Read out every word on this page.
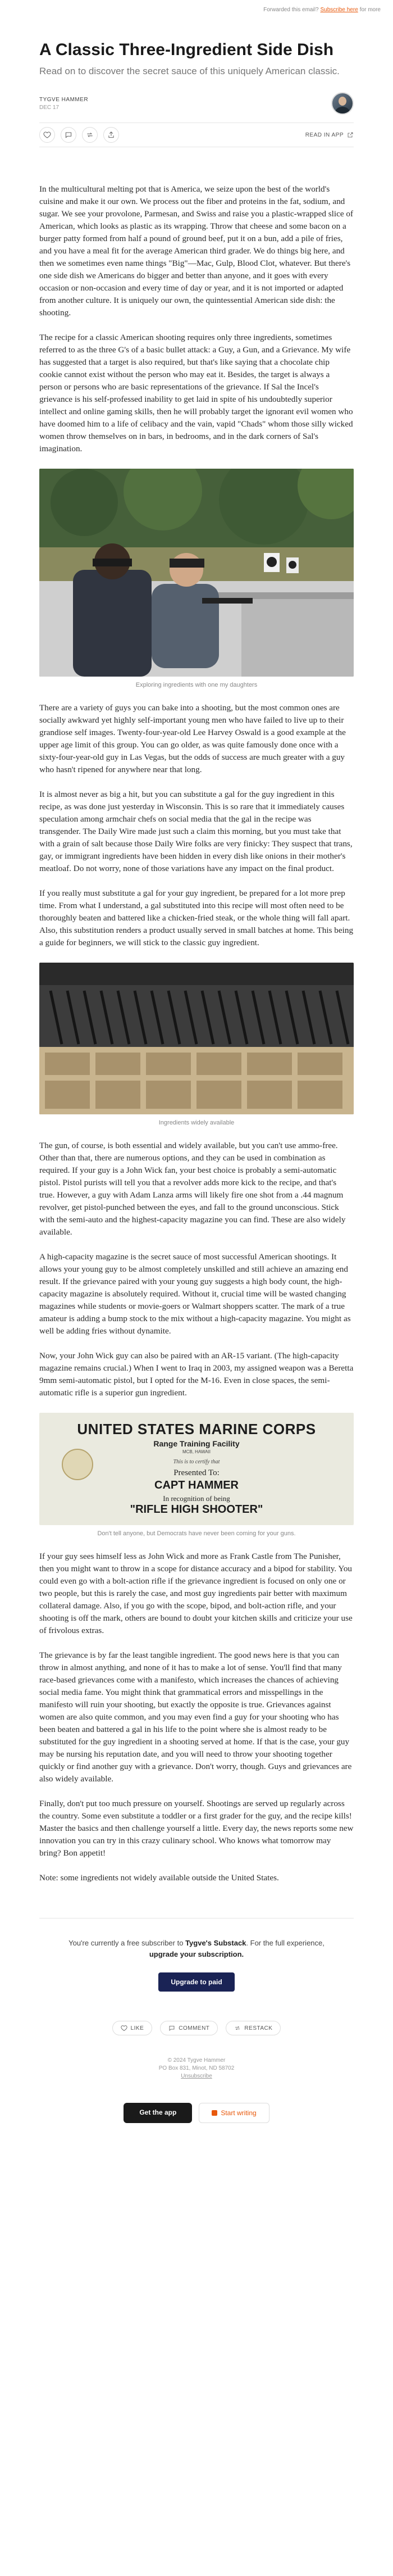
Forwarded this email? Subscribe here for more
A Classic Three-Ingredient Side Dish
Read on to discover the secret sauce of this uniquely American classic.
TYGVE HAMMER
DEC 17
READ IN APP

In the multicultural melting pot that is America, we seize upon the best of the world's cuisine and make it our own. We process out the fiber and proteins in the fat, sodium, and sugar. We see your provolone, Parmesan, and Swiss and raise you a plastic-wrapped slice of American, which looks as plastic as its wrapping. Throw that cheese and some bacon on a burger patty formed from half a pound of ground beef, put it on a bun, add a pile of fries, and you have a meal fit for the average American third grader. We do things big here, and then we sometimes even name things "Big"—Mac, Gulp, Blood Clot, whatever. But there's one side dish we Americans do bigger and better than anyone, and it goes with every occasion or non-occasion and every time of day or year, and it is not imported or adapted from another culture. It is uniquely our own, the quintessential American side dish: the shooting.

The recipe for a classic American shooting requires only three ingredients, sometimes referred to as the three G's of a basic bullet attack: a Guy, a Gun, and a Grievance. My wife has suggested that a target is also required, but that's like saying that a chocolate chip cookie cannot exist without the person who may eat it. Besides, the target is always a person or persons who are basic representations of the grievance. If Sal the Incel's grievance is his self-professed inability to get laid in spite of his undoubtedly superior intellect and online gaming skills, then he will probably target the ignorant evil women who have doomed him to a life of celibacy and the vain, vapid "Chads" whom those silly wicked women throw themselves on in bars, in bedrooms, and in the dark corners of Sal's imagination.

Exploring ingredients with one my daughters

There are a variety of guys you can bake into a shooting, but the most common ones are socially awkward yet highly self-important young men who have failed to live up to their grandiose self images. Twenty-four-year-old Lee Harvey Oswald is a good example at the upper age limit of this group. You can go older, as was quite famously done once with a sixty-four-year-old guy in Las Vegas, but the odds of success are much greater with a guy who hasn't ripened for anywhere near that long.

It is almost never as big a hit, but you can substitute a gal for the guy ingredient in this recipe, as was done just yesterday in Wisconsin. This is so rare that it immediately causes speculation among armchair chefs on social media that the gal in the recipe was transgender. The Daily Wire made just such a claim this morning, but you must take that with a grain of salt because those Daily Wire folks are very finicky: They suspect that trans, gay, or immigrant ingredients have been hidden in every dish like onions in their mother's meatloaf. Do not worry, none of those variations have any impact on the final product.

If you really must substitute a gal for your guy ingredient, be prepared for a lot more prep time. From what I understand, a gal substituted into this recipe will most often need to be thoroughly beaten and battered like a chicken-fried steak, or the whole thing will fall apart. Also, this substitution renders a product usually served in small batches at home. This being a guide for beginners, we will stick to the classic guy ingredient.

Ingredients widely available

The gun, of course, is both essential and widely available, but you can't use ammo-free. Other than that, there are numerous options, and they can be used in combination as required. If your guy is a John Wick fan, your best choice is probably a semi-automatic pistol. Pistol purists will tell you that a revolver adds more kick to the recipe, and that's true. However, a guy with Adam Lanza arms will likely fire one shot from a .44 magnum revolver, get pistol-punched between the eyes, and fall to the ground unconscious. Stick with the semi-auto and the highest-capacity magazine you can find. These are also widely available.

A high-capacity magazine is the secret sauce of most successful American shootings. It allows your young guy to be almost completely unskilled and still achieve an amazing end result. If the grievance paired with your young guy suggests a high body count, the high-capacity magazine is absolutely required. Without it, crucial time will be wasted changing magazines while students or movie-goers or Walmart shoppers scatter. The mark of a true amateur is adding a bump stock to the mix without a high-capacity magazine. You might as well be adding fries without dynamite.

Now, your John Wick guy can also be paired with an AR-15 variant. (The high-capacity magazine remains crucial.) When I went to Iraq in 2003, my assigned weapon was a Beretta 9mm semi-automatic pistol, but I opted for the M-16. Even in close spaces, the semi-automatic rifle is a superior gun ingredient.

UNITED STATES MARINE CORPS
Range Training Facility
MCB, HAWAII
This is to certify that
Presented To:
CAPT HAMMER
In recognition of being
"RIFLE HIGH SHOOTER"
Don't tell anyone, but Democrats have never been coming for your guns.

If your guy sees himself less as John Wick and more as Frank Castle from The Punisher, then you might want to throw in a scope for distance accuracy and a bipod for stability. You could even go with a bolt-action rifle if the grievance ingredient is focused on only one or two people, but this is rarely the case, and most guy ingredients pair better with maximum collateral damage. Also, if you go with the scope, bipod, and bolt-action rifle, and your shooting is off the mark, others are bound to doubt your kitchen skills and criticize your use of frivolous extras.

The grievance is by far the least tangible ingredient. The good news here is that you can throw in almost anything, and none of it has to make a lot of sense. You'll find that many race-based grievances come with a manifesto, which increases the chances of achieving social media fame. You might think that grammatical errors and misspellings in the manifesto will ruin your shooting, but exactly the opposite is true. Grievances against women are also quite common, and you may even find a guy for your shooting who has been beaten and battered a gal in his life to the point where she is almost ready to be substituted for the guy ingredient in a shooting served at home. If that is the case, your guy may be nursing his reputation date, and you will need to throw your shooting together quickly or find another guy with a grievance. Don't worry, though. Guys and grievances are also widely available.

Finally, don't put too much pressure on yourself. Shootings are served up regularly across the country. Some even substitute a toddler or a first grader for the guy, and the recipe kills! Master the basics and then challenge yourself a little. Every day, the news reports some new innovation you can try in this crazy culinary school. Who knows what tomorrow may bring? Bon appetit!

Note: some ingredients not widely available outside the United States.

You're currently a free subscriber to Tygve's Substack. For the full experience,
upgrade your subscription.
Upgrade to paid
LIKE	COMMENT	RESTACK
© 2024 Tygve Hammer
PO Box 831, Minot, ND 58702
Unsubscribe
Get the app	Start writing
